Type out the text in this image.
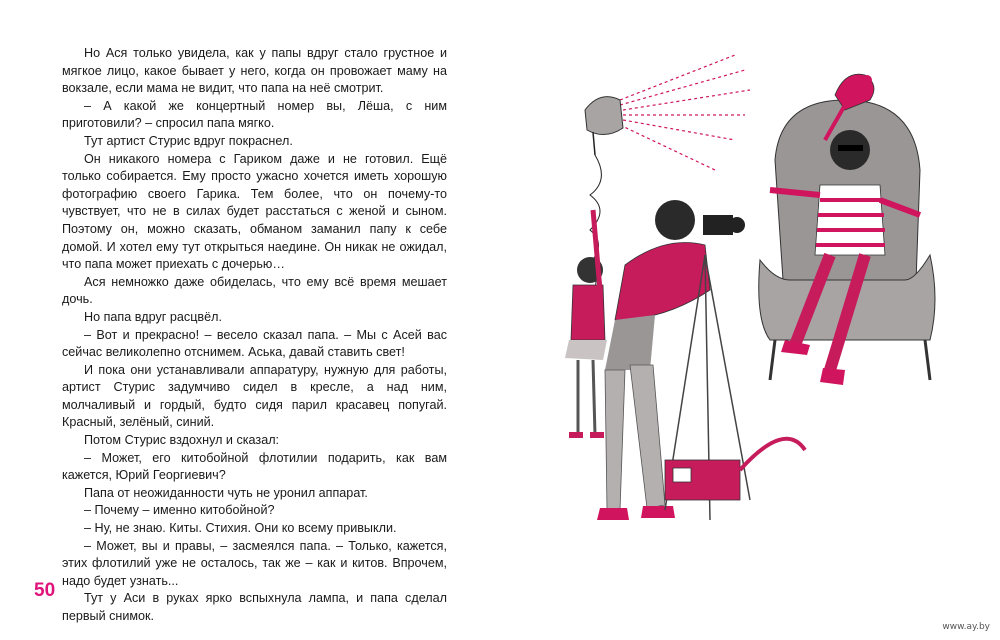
Но Ася только увидела, как у папы вдруг стало грустное и мягкое лицо, какое бывает у него, когда он провожает маму на вокзале, если мама не видит, что папа на неё смотрит.

– А какой же концертный номер вы, Лёша, с ним приготовили? – спросил папа мягко.

Тут артист Стурис вдруг покраснел.

Он никакого номера с Гариком даже и не готовил. Ещё только собирается. Ему просто ужасно хочется иметь хорошую фотографию своего Гарика. Тем более, что он почему-то чувствует, что не в силах будет расстаться с женой и сыном. Поэтому он, можно сказать, обманом заманил папу к себе домой. И хотел ему тут открыться наедине. Он никак не ожидал, что папа может приехать с дочерью…

Ася немножко даже обиделась, что ему всё время мешает дочь.

Но папа вдруг расцвёл.

– Вот и прекрасно! – весело сказал папа. – Мы с Асей вас сейчас великолепно отснимем. Аська, давай ставить свет!

И пока они устанавливали аппаратуру, нужную для работы, артист Стурис задумчиво сидел в кресле, а над ним, молчаливый и гордый, будто сидя парил красавец попугай. Красный, зелёный, синий.

Потом Стурис вздохнул и сказал:

– Может, его китобойной флотилии подарить, как вам кажется, Юрий Георгиевич?

Папа от неожиданности чуть не уронил аппарат.

– Почему – именно китобойной?

– Ну, не знаю. Киты. Стихия. Они ко всему привыкли.

– Может, вы и правы, – засмеялся папа. – Только, кажется, этих флотилий уже не осталось, так же – как и китов. Впрочем, надо будет узнать...

Тут у Аси в руках ярко вспыхнула лампа, и папа сделал первый снимок.

50
www.ay.by
